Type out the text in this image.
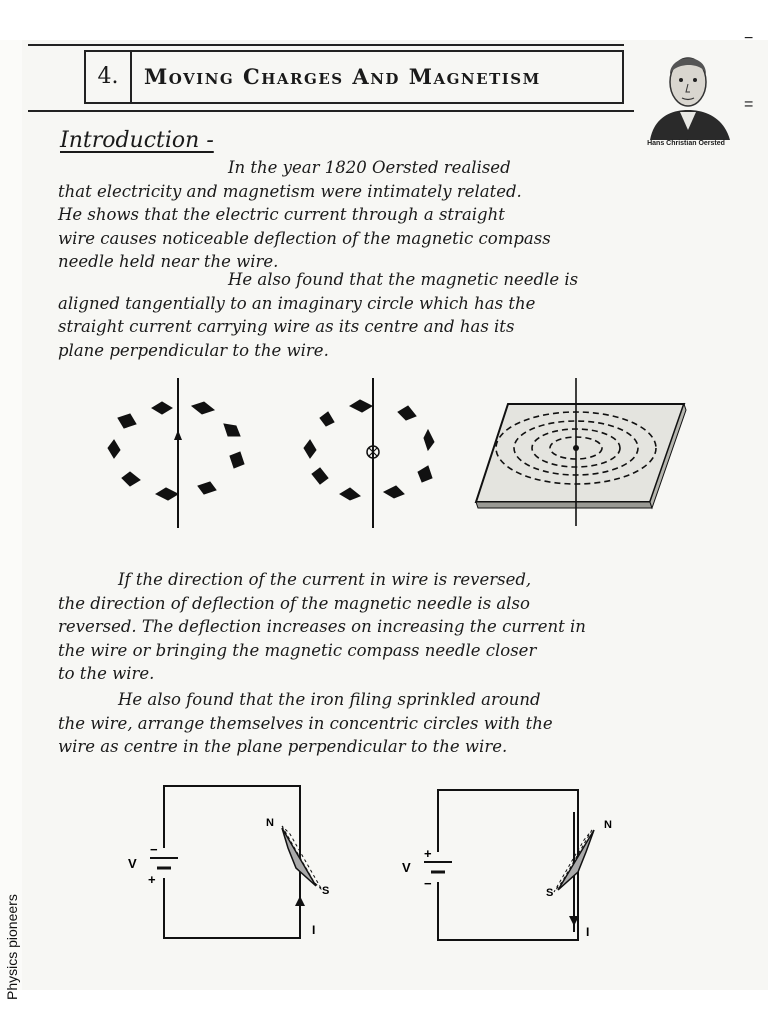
4.	Moving Charges And Magnetism
Hans Christian Oersted
−
=
Introduction -
In the year 1820 Oersted realised
that electricity and magnetism were intimately related.
He shows that the electric current through a straight
wire causes noticeable deflection of the magnetic compass
needle held near the wire.
He also found that the magnetic needle is
aligned tangentially to an imaginary circle which has the
straight current carrying wire as its centre and has its
plane perpendicular to the wire.
If the direction of the current in wire is reversed,
the direction of deflection of the magnetic needle is also
reversed. The deflection increases on increasing the current in
the wire or bringing the magnetic compass needle closer
to the wire.
He also found that the iron filing sprinkled around
the wire, arrange themselves in concentric circles with the
wire as centre in the plane perpendicular to the wire.
V
−
+
N
S
I
V
+
−
N
S
I
Physics pioneers
